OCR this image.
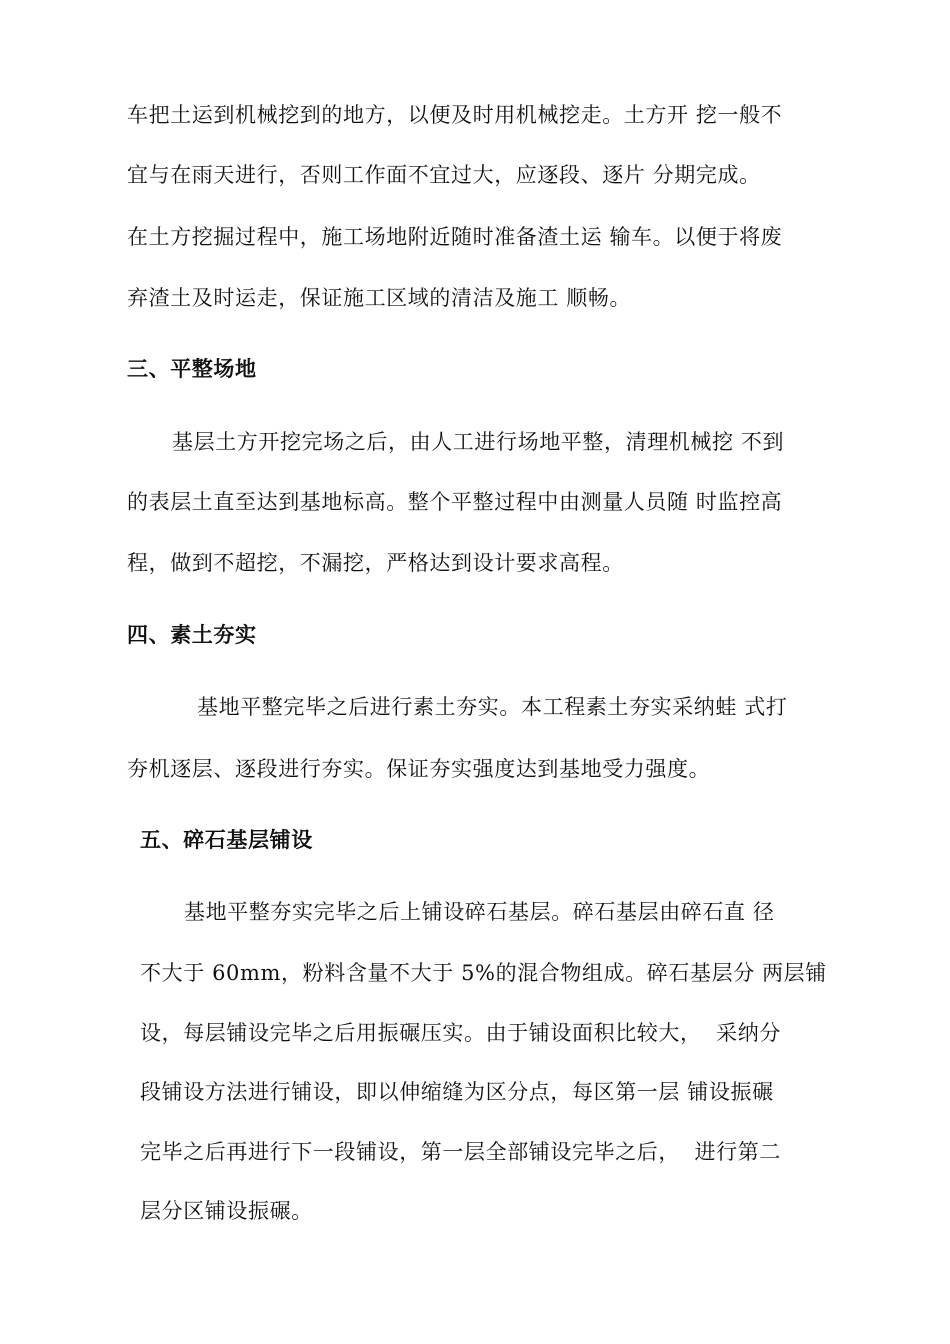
车把土运到机械挖到的地方，以便及时用机械挖走。土方开 挖一般不

宜与在雨天进行，否则工作面不宜过大，应逐段、逐片 分期完成。

在土方挖掘过程中，施工场地附近随时准备渣土运 输车。以便于将废

弃渣土及时运走，保证施工区域的清洁及施工 顺畅。

三、平整场地

基层土方开挖完场之后，由人工进行场地平整，清理机械挖 不到

的表层土直至达到基地标高。整个平整过程中由测量人员随 时监控高

程，做到不超挖，不漏挖，严格达到设计要求高程。

四、素土夯实

基地平整完毕之后进行素土夯实。本工程素土夯实采纳蛙 式打

夯机逐层、逐段进行夯实。保证夯实强度达到基地受力强度。

五、碎石基层铺设

基地平整夯实完毕之后上铺设碎石基层。碎石基层由碎石直 径

不大于 60mm，粉料含量不大于 5%的混合物组成。碎石基层分 两层铺

设，每层铺设完毕之后用振碾压实。由于铺设面积比较大，  采纳分

段铺设方法进行铺设，即以伸缩缝为区分点，每区第一层 铺设振碾

完毕之后再进行下一段铺设，第一层全部铺设完毕之后，  进行第二

层分区铺设振碾。
